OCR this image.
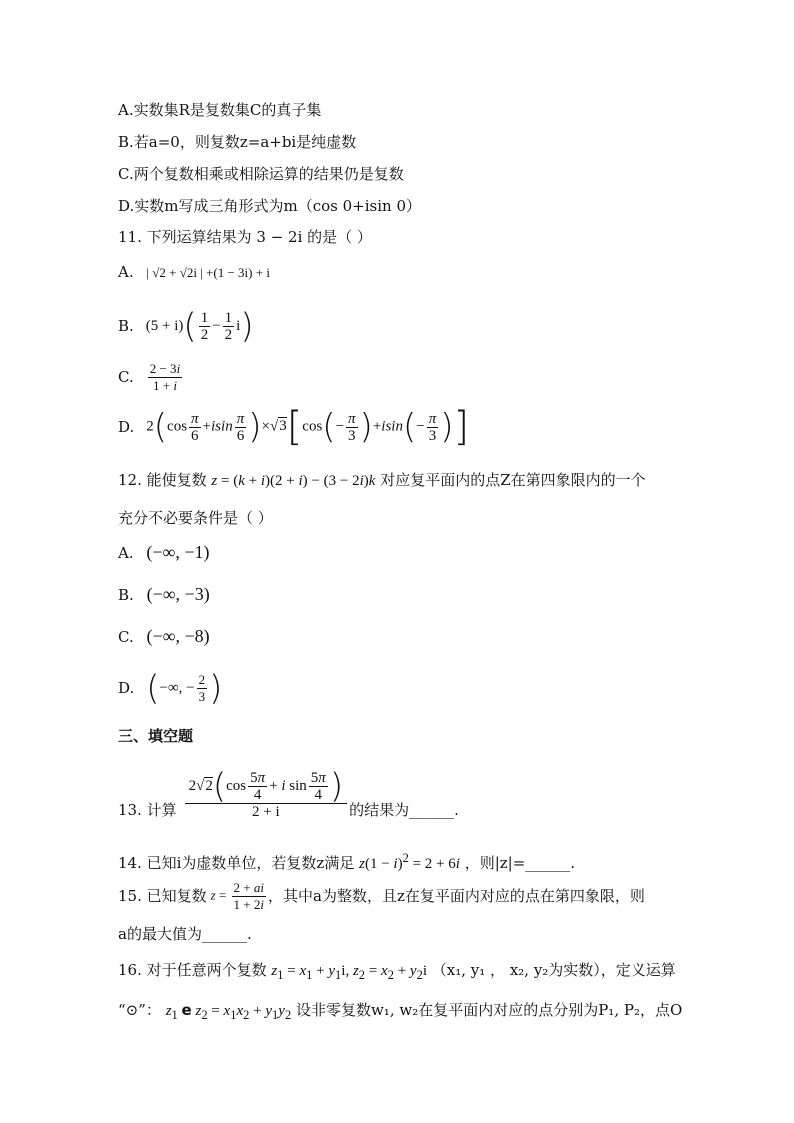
A.实数集R是复数集C的真子集
B.若a=0，则复数z=a+bi是纯虚数
C.两个复数相乘或相除运算的结果仍是复数
D.实数m写成三角形式为m（cos 0+isin 0）
11. 下列运算结果为 3 − 2i 的是（ ）
A. | √2 + √2i | +(1 − 3i) + i
B. $(5 + i)( \frac{1}{2} - \frac{1}{2} i)$
C. $\frac{2 - 3i}{1 + i}$
D. $2(\cos \frac{\pi}{6} +isin \frac{\pi}{6} )\times√3[\cos(- \frac{\pi}{3} )+isin(- \frac{\pi}{3}$ )]
12. 能使复数 z = (k + i)(2 + i) − (3 − 2i)k 对应复平面内的点Z在第四象限内的一个
充分不必要条件是（ ）
A. (−∞, −1)
B. (−∞, −3)
C. (−∞, −8)
D. (−∞, − $\frac{2}{3}$ )
三、填空题
13. 计算 $\frac{2√2(\cos \frac{5\pi}{4} + i \sin \frac{5\pi}{4} )}{2 + i}$ 的结果为______.
14. 已知i为虚数单位，若复数z满足 $z(1 - i)^2 = 2 + 6i$ ，则|z|=______.
15. 已知复数 $z = \frac{2 + ai}{1 + 2i}$ ，其中a为整数，且z在复平面内对应的点在第四象限，则
a的最大值为______.
16. 对于任意两个复数 $z_1 = x_1 + y_1i$, $z_2 = x_2 + y_2i$ （x₁, y₁ ， x₂, y₂为实数），定义运算
“⊙”： $z_1$ e $z_2 = x_1x_2 + y_1y_2$ 设非零复数w₁, w₂在复平面内对应的点分别为P₁, P₂，点O
